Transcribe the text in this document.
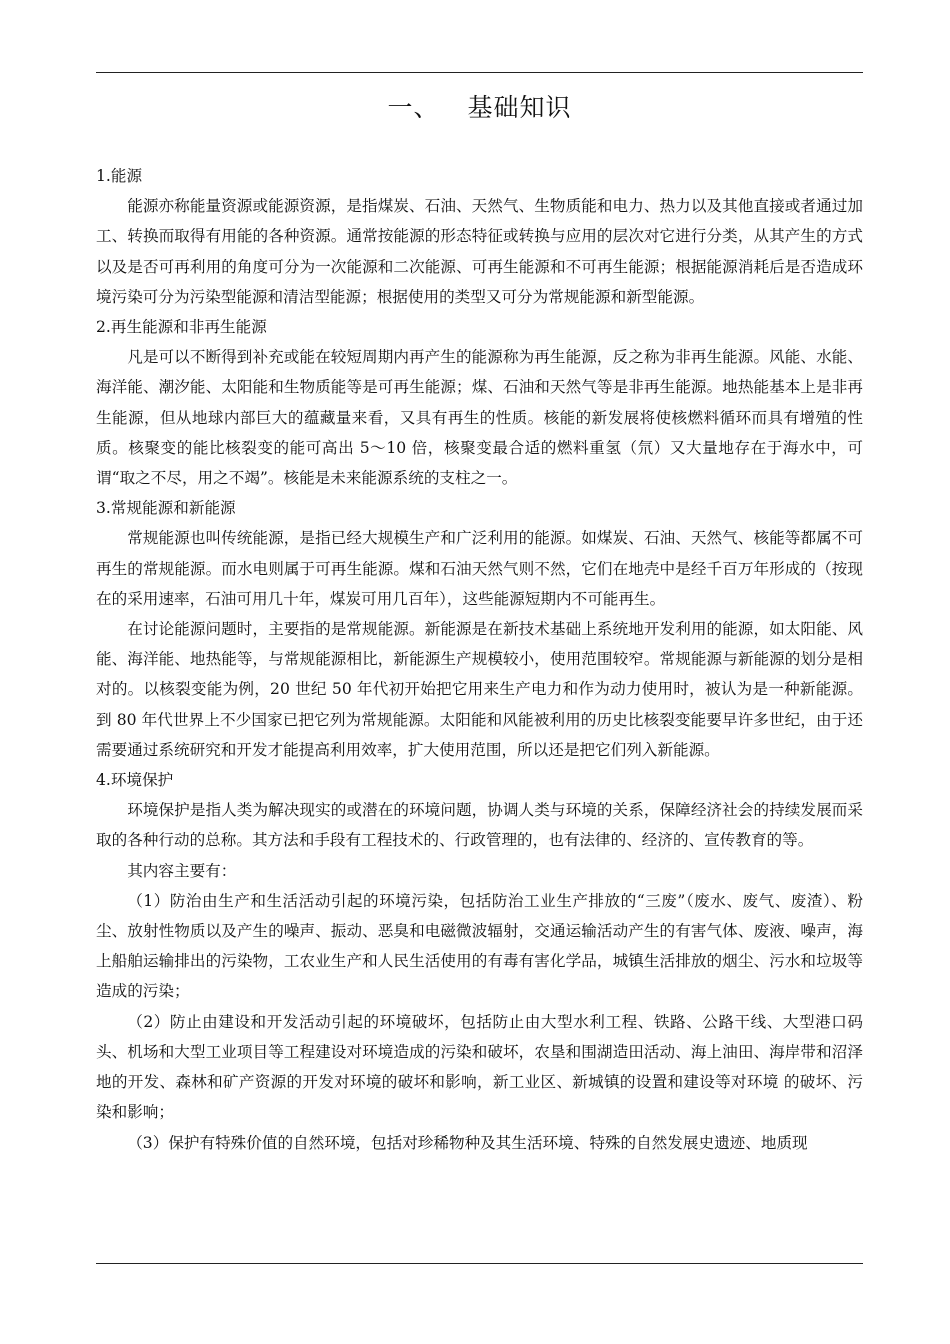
一、 基础知识

1.能源

能源亦称能量资源或能源资源，是指煤炭、石油、天然气、生物质能和电力、热力以及其他直接或者通过加工、转换而取得有用能的各种资源。通常按能源的形态特征或转换与应用的层次对它进行分类，从其产生的方式以及是否可再利用的角度可分为一次能源和二次能源、可再生能源和不可再生能源；根据能源消耗后是否造成环境污染可分为污染型能源和清洁型能源；根据使用的类型又可分为常规能源和新型能源。

2.再生能源和非再生能源

凡是可以不断得到补充或能在较短周期内再产生的能源称为再生能源，反之称为非再生能源。风能、水能、海洋能、潮汐能、太阳能和生物质能等是可再生能源；煤、石油和天然气等是非再生能源。地热能基本上是非再生能源，但从地球内部巨大的蕴藏量来看，又具有再生的性质。核能的新发展将使核燃料循环而具有增殖的性质。核聚变的能比核裂变的能可高出 5～10 倍，核聚变最合适的燃料重氢（氘）又大量地存在于海水中，可谓“取之不尽，用之不竭”。核能是未来能源系统的支柱之一。

3.常规能源和新能源

常规能源也叫传统能源，是指已经大规模生产和广泛利用的能源。如煤炭、石油、天然气、核能等都属不可再生的常规能源。而水电则属于可再生能源。煤和石油天然气则不然，它们在地壳中是经千百万年形成的（按现在的采用速率，石油可用几十年，煤炭可用几百年），这些能源短期内不可能再生。

在讨论能源问题时，主要指的是常规能源。新能源是在新技术基础上系统地开发利用的能源，如太阳能、风能、海洋能、地热能等，与常规能源相比，新能源生产规模较小，使用范围较窄。常规能源与新能源的划分是相对的。以核裂变能为例，20 世纪 50 年代初开始把它用来生产电力和作为动力使用时，被认为是一种新能源。到 80 年代世界上不少国家已把它列为常规能源。太阳能和风能被利用的历史比核裂变能要早许多世纪，由于还需要通过系统研究和开发才能提高利用效率，扩大使用范围，所以还是把它们列入新能源。

4.环境保护

环境保护是指人类为解决现实的或潜在的环境问题，协调人类与环境的关系，保障经济社会的持续发展而采取的各种行动的总称。其方法和手段有工程技术的、行政管理的，也有法律的、经济的、宣传教育的等。

其内容主要有：

（1）防治由生产和生活活动引起的环境污染，包括防治工业生产排放的“三废”（废水、废气、废渣）、粉尘、放射性物质以及产生的噪声、振动、恶臭和电磁微波辐射，交通运输活动产生的有害气体、废液、噪声，海上船舶运输排出的污染物，工农业生产和人民生活使用的有毒有害化学品，城镇生活排放的烟尘、污水和垃圾等造成的污染；

（2）防止由建设和开发活动引起的环境破坏，包括防止由大型水利工程、铁路、公路干线、大型港口码头、机场和大型工业项目等工程建设对环境造成的污染和破坏，农垦和围湖造田活动、海上油田、海岸带和沼泽地的开发、森林和矿产资源的开发对环境的破坏和影响，新工业区、新城镇的设置和建设等对环境 的破坏、污染和影响；

（3）保护有特殊价值的自然环境，包括对珍稀物种及其生活环境、特殊的自然发展史遗迹、地质现
